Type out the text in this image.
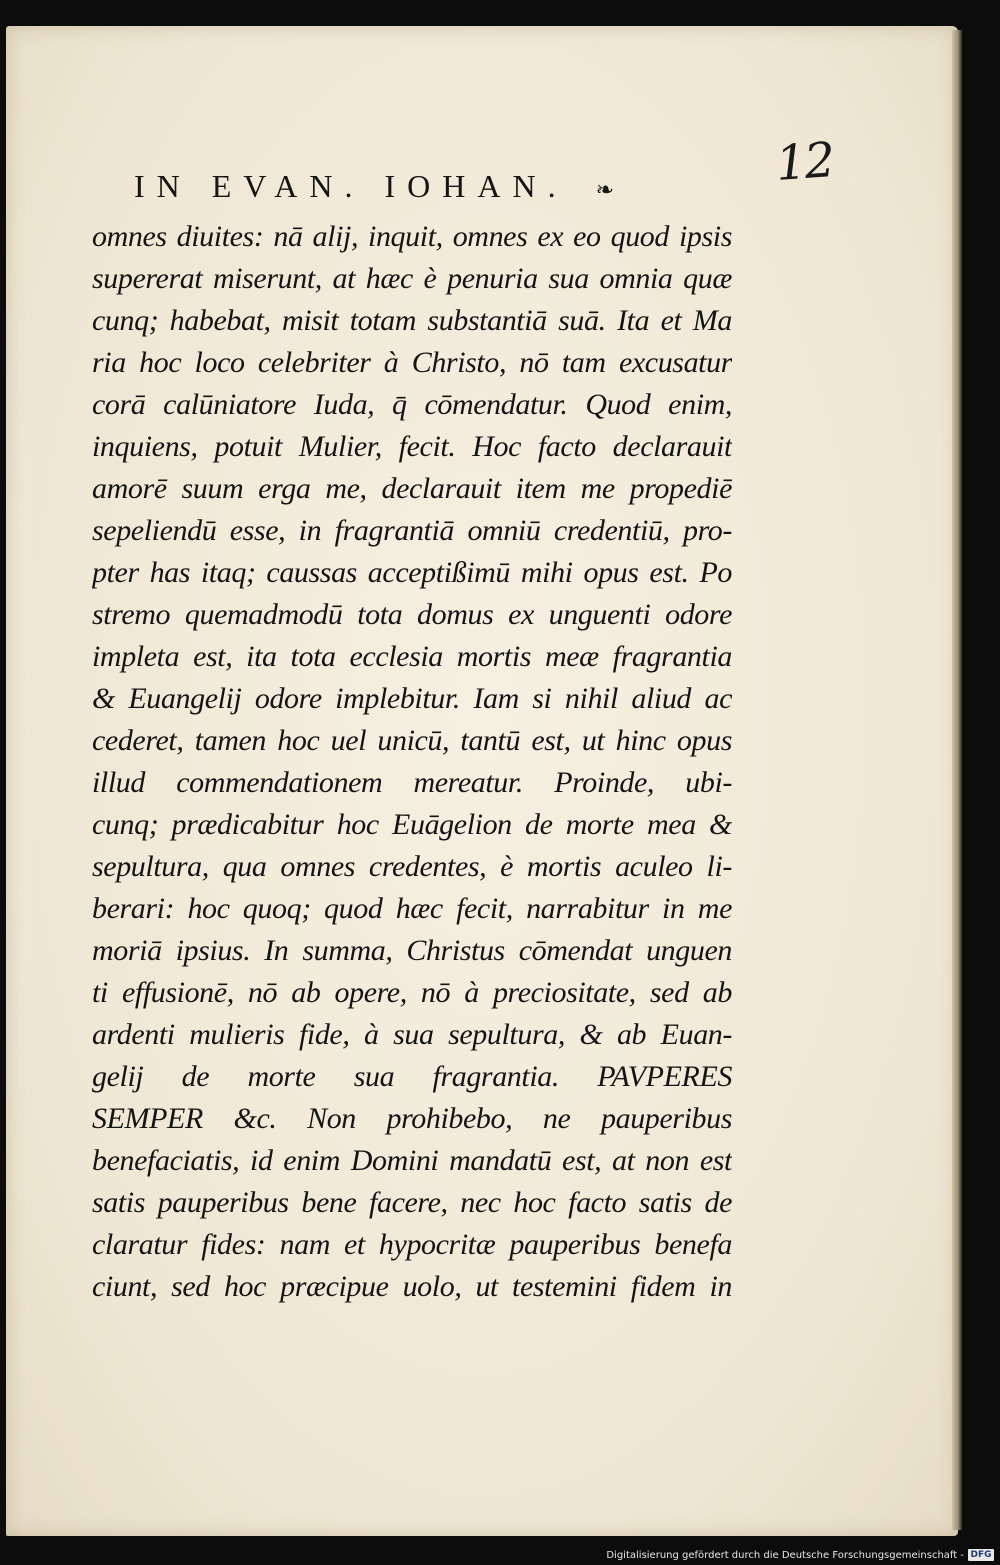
12
IN EVAN. IOHAN. ❧
omnes diuites: nā alij, inquit, omnes ex eo quod ipsis
supererat miserunt, at hæc è penuria sua omnia quæ
cunq; habebat, misit totam substantiā suā. Ita et Ma
ria hoc loco celebriter à Christo, nō tam excusatur
corā calūniatore Iuda, q̄ cōmendatur. Quod enim,
inquiens, potuit Mulier, fecit. Hoc facto declarauit
amorē suum erga me, declarauit item me propediē
sepeliendū esse, in fragrantiā omniū credentiū, pro-
pter has itaq; caussas acceptißimū mihi opus est. Po
stremo quemadmodū tota domus ex unguenti odore
impleta est, ita tota ecclesia mortis meæ fragrantia
& Euangelij odore implebitur. Iam si nihil aliud ac
cederet, tamen hoc uel unicū, tantū est, ut hinc opus
illud commendationem mereatur. Proinde, ubi-
cunq; prædicabitur hoc Euāgelion de morte mea &
sepultura, qua omnes credentes, è mortis aculeo li-
berari: hoc quoq; quod hæc fecit, narrabitur in me
moriā ipsius. In summa, Christus cōmendat unguen
ti effusionē, nō ab opere, nō à preciositate, sed ab
ardenti mulieris fide, à sua sepultura, & ab Euan-
gelij de morte sua fragrantia. PAVPERES
SEMPER &c. Non prohibebo, ne pauperibus
benefaciatis, id enim Domini mandatū est, at non est
satis pauperibus bene facere, nec hoc facto satis de
claratur fides: nam et hypocritæ pauperibus benefa
ciunt, sed hoc præcipue uolo, ut testemini fidem in
Digitalisierung gefördert durch die Deutsche Forschungsgemeinschaft - DFG
